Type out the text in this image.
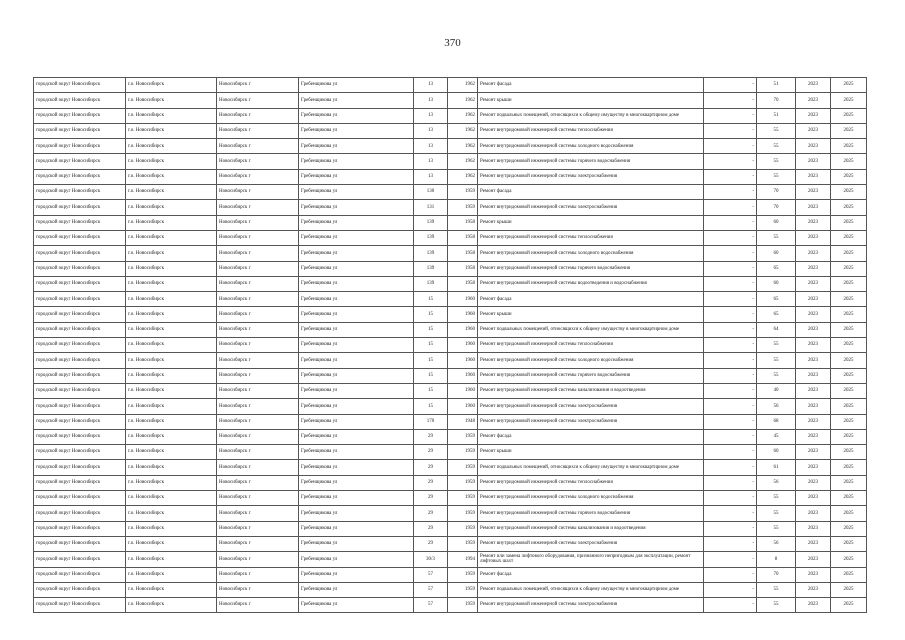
370
городской округ Новосибирск	г.о. Новосибирск	Новосибирск г	Гребенщикова ул	13	1962	Ремонт фасада	-	51	2023	2025
городской округ Новосибирск	г.о. Новосибирск	Новосибирск г	Гребенщикова ул	13	1962	Ремонт крыши	-	70	2023	2025
городской округ Новосибирск	г.о. Новосибирск	Новосибирск г	Гребенщикова ул	13	1962	Ремонт подвальных помещений, относящихся к общему имуществу в многоквартирном доме	-	51	2023	2025
городской округ Новосибирск	г.о. Новосибирск	Новосибирск г	Гребенщикова ул	13	1962	Ремонт внутридомовой инженерной системы теплоснабжения	-	55	2023	2025
городской округ Новосибирск	г.о. Новосибирск	Новосибирск г	Гребенщикова ул	13	1962	Ремонт внутридомовой инженерной системы холодного водоснабжения	-	55	2023	2025
городской округ Новосибирск	г.о. Новосибирск	Новосибирск г	Гребенщикова ул	13	1962	Ремонт внутридомовой инженерной системы горячего водоснабжения	-	55	2023	2025
городской округ Новосибирск	г.о. Новосибирск	Новосибирск г	Гребенщикова ул	13	1962	Ремонт внутридомовой инженерной системы электроснабжения	-	55	2023	2025
городской округ Новосибирск	г.о. Новосибирск	Новосибирск г	Гребенщикова ул	130	1959	Ремонт фасада	-	70	2023	2025
городской округ Новосибирск	г.о. Новосибирск	Новосибирск г	Гребенщикова ул	131	1959	Ремонт внутридомовой инженерной системы электроснабжения	-	70	2023	2025
городской округ Новосибирск	г.о. Новосибирск	Новосибирск г	Гребенщикова ул	139	1958	Ремонт крыши	-	60	2023	2025
городской округ Новосибирск	г.о. Новосибирск	Новосибирск г	Гребенщикова ул	139	1958	Ремонт внутридомовой инженерной системы теплоснабжения	-	55	2023	2025
городской округ Новосибирск	г.о. Новосибирск	Новосибирск г	Гребенщикова ул	139	1958	Ремонт внутридомовой инженерной системы холодного водоснабжения	-	60	2023	2025
городской округ Новосибирск	г.о. Новосибирск	Новосибирск г	Гребенщикова ул	139	1958	Ремонт внутридомовой инженерной системы горячего водоснабжения	-	65	2023	2025
городской округ Новосибирск	г.о. Новосибирск	Новосибирск г	Гребенщикова ул	139	1958	Ремонт внутридомовой инженерной системы водоотведения и водоснабжения	-	60	2023	2025
городской округ Новосибирск	г.о. Новосибирск	Новосибирск г	Гребенщикова ул	15	1960	Ремонт фасада	-	65	2023	2025
городской округ Новосибирск	г.о. Новосибирск	Новосибирск г	Гребенщикова ул	15	1960	Ремонт крыши	-	65	2023	2025
городской округ Новосибирск	г.о. Новосибирск	Новосибирск г	Гребенщикова ул	15	1960	Ремонт подвальных помещений, относящихся к общему имуществу в многоквартирном доме	-	64	2023	2025
городской округ Новосибирск	г.о. Новосибирск	Новосибирск г	Гребенщикова ул	15	1960	Ремонт внутридомовой инженерной системы теплоснабжения	-	55	2023	2025
городской округ Новосибирск	г.о. Новосибирск	Новосибирск г	Гребенщикова ул	15	1960	Ремонт внутридомовой инженерной системы холодного водоснабжения	-	55	2023	2025
городской округ Новосибирск	г.о. Новосибирск	Новосибирск г	Гребенщикова ул	15	1960	Ремонт внутридомовой инженерной системы горячего водоснабжения	-	55	2023	2025
городской округ Новосибирск	г.о. Новосибирск	Новосибирск г	Гребенщикова ул	15	1960	Ремонт внутридомовой инженерной системы канализования и водоотведения	-	40	2023	2025
городской округ Новосибирск	г.о. Новосибирск	Новосибирск г	Гребенщикова ул	15	1960	Ремонт внутридомовой инженерной системы электроснабжения	-	56	2023	2025
городской округ Новосибирск	г.о. Новосибирск	Новосибирск г	Гребенщикова ул	170	1948	Ремонт внутридомовой инженерной системы электроснабжения	-	68	2023	2025
городской округ Новосибирск	г.о. Новосибирск	Новосибирск г	Гребенщикова ул	29	1959	Ремонт фасада	-	45	2023	2025
городской округ Новосибирск	г.о. Новосибирск	Новосибирск г	Гребенщикова ул	29	1959	Ремонт крыши	-	60	2023	2025
городской округ Новосибирск	г.о. Новосибирск	Новосибирск г	Гребенщикова ул	29	1959	Ремонт подвальных помещений, относящихся к общему имуществу в многоквартирном доме	-	61	2023	2025
городской округ Новосибирск	г.о. Новосибирск	Новосибирск г	Гребенщикова ул	29	1959	Ремонт внутридомовой инженерной системы теплоснабжения	-	56	2023	2025
городской округ Новосибирск	г.о. Новосибирск	Новосибирск г	Гребенщикова ул	29	1959	Ремонт внутридомовой инженерной системы холодного водоснабжения	-	55	2023	2025
городской округ Новосибирск	г.о. Новосибирск	Новосибирск г	Гребенщикова ул	29	1959	Ремонт внутридомовой инженерной системы горячего водоснабжения	-	55	2023	2025
городской округ Новосибирск	г.о. Новосибирск	Новосибирск г	Гребенщикова ул	29	1959	Ремонт внутридомовой инженерной системы канализования и водоотведения	-	55	2023	2025
городской округ Новосибирск	г.о. Новосибирск	Новосибирск г	Гребенщикова ул	29	1959	Ремонт внутридомовой инженерной системы электроснабжения	-	56	2023	2025
городской округ Новосибирск	г.о. Новосибирск	Новосибирск г	Гребенщикова ул	30/3	1994	Ремонт или замена лифтового оборудования, признанного непригодным для эксплуатации, ремонт лифтовых шахт	-	8	2023	2025
городской округ Новосибирск	г.о. Новосибирск	Новосибирск г	Гребенщикова ул	57	1959	Ремонт фасада	-	70	2023	2025
городской округ Новосибирск	г.о. Новосибирск	Новосибирск г	Гребенщикова ул	57	1959	Ремонт подвальных помещений, относящихся к общему имуществу в многоквартирном доме	-	55	2023	2025
городской округ Новосибирск	г.о. Новосибирск	Новосибирск г	Гребенщикова ул	57	1959	Ремонт внутридомовой инженерной системы электроснабжения	-	55	2023	2025
